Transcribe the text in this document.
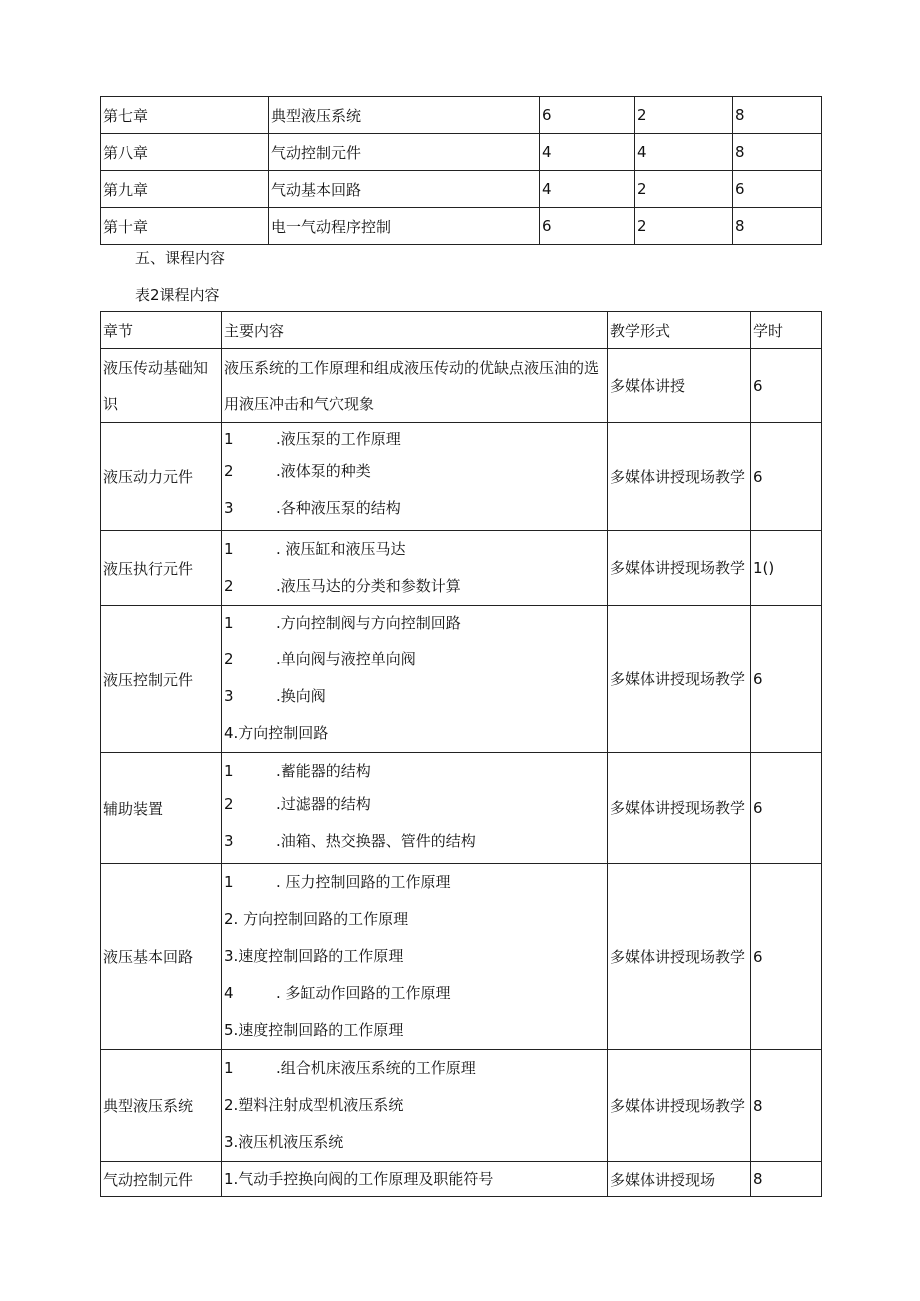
第七章	典型液压系统	6	2	8
第八章	气动控制元件	4	4	8
第九章	气动基本回路	4	2	6
第十章	电一气动程序控制	6	2	8
五、课程内容
表2课程内容
章节	主要内容	教学形式	学时
液压传动基础知识	液压系统的工作原理和组成液压传动的优缺点液压油的选用液压冲击和气穴现象	多媒体讲授	6
液压动力元件	1 .液压泵的工作原理
2 .液体泵的种类
3 .各种液压泵的结构	多媒体讲授现场教学	6
液压执行元件	1 . 液压缸和液压马达
2 .液压马达的分类和参数计算	多媒体讲授现场教学	1()
液压控制元件	1 .方向控制阀与方向控制回路
2 .单向阀与液控单向阀
3 .换向阀
4.方向控制回路	多媒体讲授现场教学	6
辅助装置	1 .蓄能器的结构
2 .过滤器的结构
3 .油箱、热交换器、管件的结构	多媒体讲授现场教学	6
液压基本回路	1 . 压力控制回路的工作原理
2. 方向控制回路的工作原理
3.速度控制回路的工作原理
4 . 多缸动作回路的工作原理
5.速度控制回路的工作原理	多媒体讲授现场教学	6
典型液压系统	1 .组合机床液压系统的工作原理
2.塑料注射成型机液压系统
3.液压机液压系统	多媒体讲授现场教学	8
气动控制元件	1.气动手控换向阀的工作原理及职能符号	多媒体讲授现场	8
